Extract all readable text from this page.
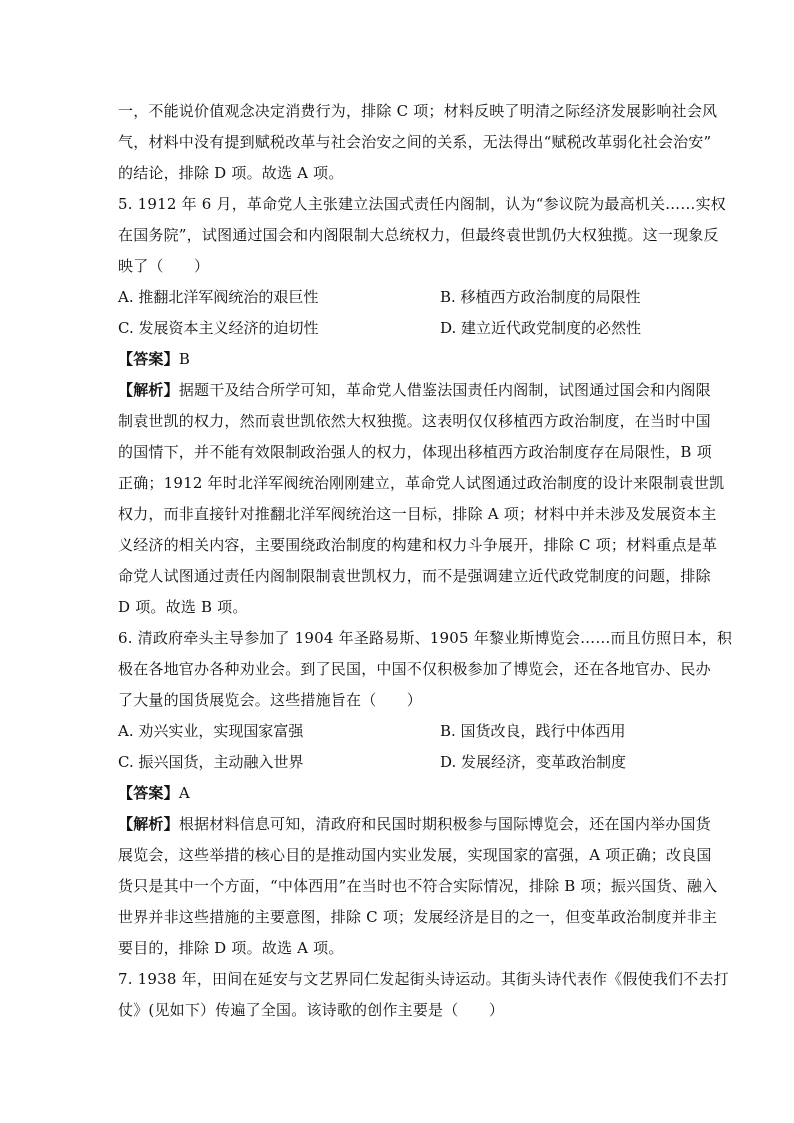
一，不能说价值观念决定消费行为，排除 C 项；材料反映了明清之际经济发展影响社会风
气，材料中没有提到赋税改革与社会治安之间的关系，无法得出“赋税改革弱化社会治安”
的结论，排除 D 项。故选 A 项。
5. 1912 年 6 月，革命党人主张建立法国式责任内阁制，认为“参议院为最高机关……实权
在国务院”，试图通过国会和内阁限制大总统权力，但最终袁世凯仍大权独揽。这一现象反
映了（　　）
A. 推翻北洋军阀统治的艰巨性	B. 移植西方政治制度的局限性
C. 发展资本主义经济的迫切性	D. 建立近代政党制度的必然性
【答案】B
【解析】据题干及结合所学可知，革命党人借鉴法国责任内阁制，试图通过国会和内阁限
制袁世凯的权力，然而袁世凯依然大权独揽。这表明仅仅移植西方政治制度，在当时中国
的国情下，并不能有效限制政治强人的权力，体现出移植西方政治制度存在局限性，B 项
正确；1912 年时北洋军阀统治刚刚建立，革命党人试图通过政治制度的设计来限制袁世凯
权力，而非直接针对推翻北洋军阀统治这一目标，排除 A 项；材料中并未涉及发展资本主
义经济的相关内容，主要围绕政治制度的构建和权力斗争展开，排除 C 项；材料重点是革
命党人试图通过责任内阁制限制袁世凯权力，而不是强调建立近代政党制度的问题，排除
D 项。故选 B 项。
6. 清政府牵头主导参加了 1904 年圣路易斯、1905 年黎业斯博览会……而且仿照日本，积
极在各地官办各种劝业会。到了民国，中国不仅积极参加了博览会，还在各地官办、民办
了大量的国货展览会。这些措施旨在（　　）
A. 劝兴实业，实现国家富强	B. 国货改良，践行中体西用
C. 振兴国货，主动融入世界	D. 发展经济，变革政治制度
【答案】A
【解析】根据材料信息可知，清政府和民国时期积极参与国际博览会，还在国内举办国货
展览会，这些举措的核心目的是推动国内实业发展，实现国家的富强，A 项正确；改良国
货只是其中一个方面，“中体西用”在当时也不符合实际情况，排除 B 项；振兴国货、融入
世界并非这些措施的主要意图，排除 C 项；发展经济是目的之一，但变革政治制度并非主
要目的，排除 D 项。故选 A 项。
7. 1938 年，田间在延安与文艺界同仁发起街头诗运动。其街头诗代表作《假使我们不去打
仗》(见如下）传遍了全国。该诗歌的创作主要是（　　）
